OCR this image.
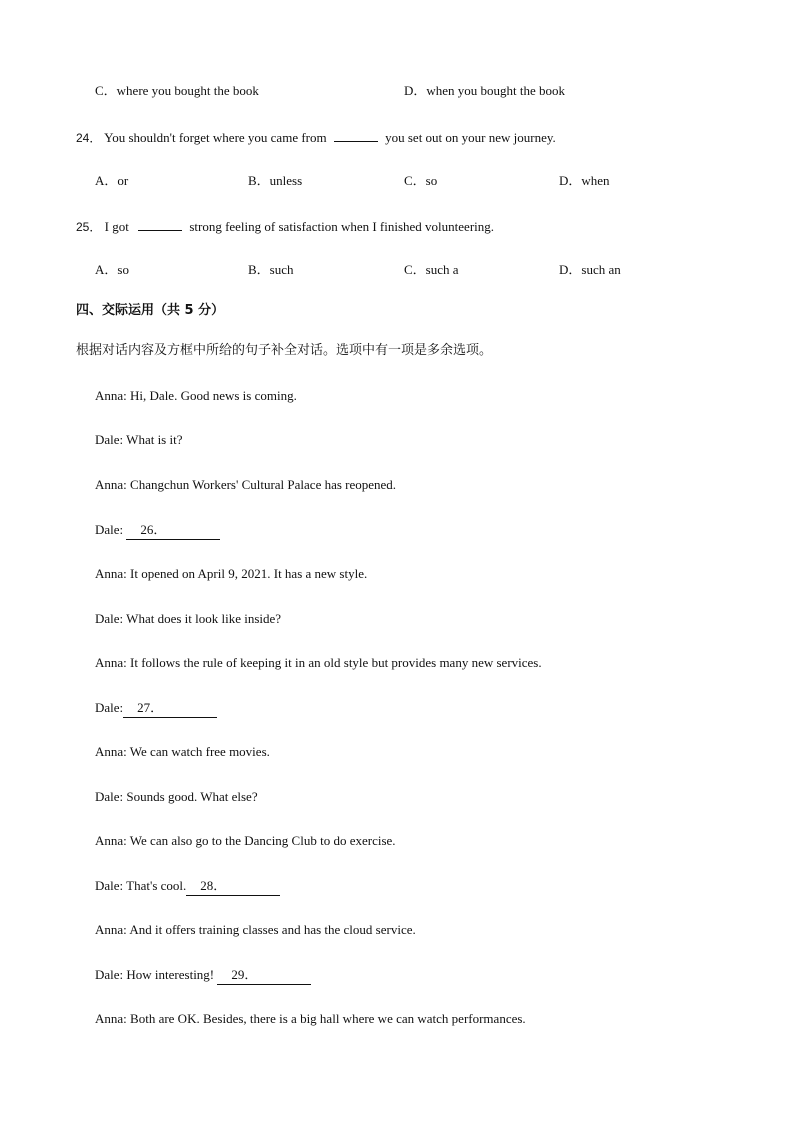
C．where you bought the book	D．when you bought the book
24． You shouldn't forget where you came from	you set out on your new journey.
A．or	B．unless	C．so	D．when
25． I got	strong feeling of satisfaction when I finished volunteering.
A．so	B．such	C．such a	D．such an
四、交际运用（共 5 分）
根据对话内容及方框中所给的句子补全对话。选项中有一项是多余选项。
Anna: Hi, Dale. Good news is coming.
Dale: What is it?
Anna: Changchun Workers' Cultural Palace has reopened.
Dale: 26．
Anna: It opened on April 9, 2021. It has a new style.
Dale: What does it look like inside?
Anna: It follows the rule of keeping it in an old style but provides many new services.
Dale: 27．
Anna: We can watch free movies.
Dale: Sounds good. What else?
Anna: We can also go to the Dancing Club to do exercise.
Dale: That's cool. 28．
Anna: And it offers training classes and has the cloud service.
Dale: How interesting! 29．
Anna: Both are OK. Besides, there is a big hall where we can watch performances.
